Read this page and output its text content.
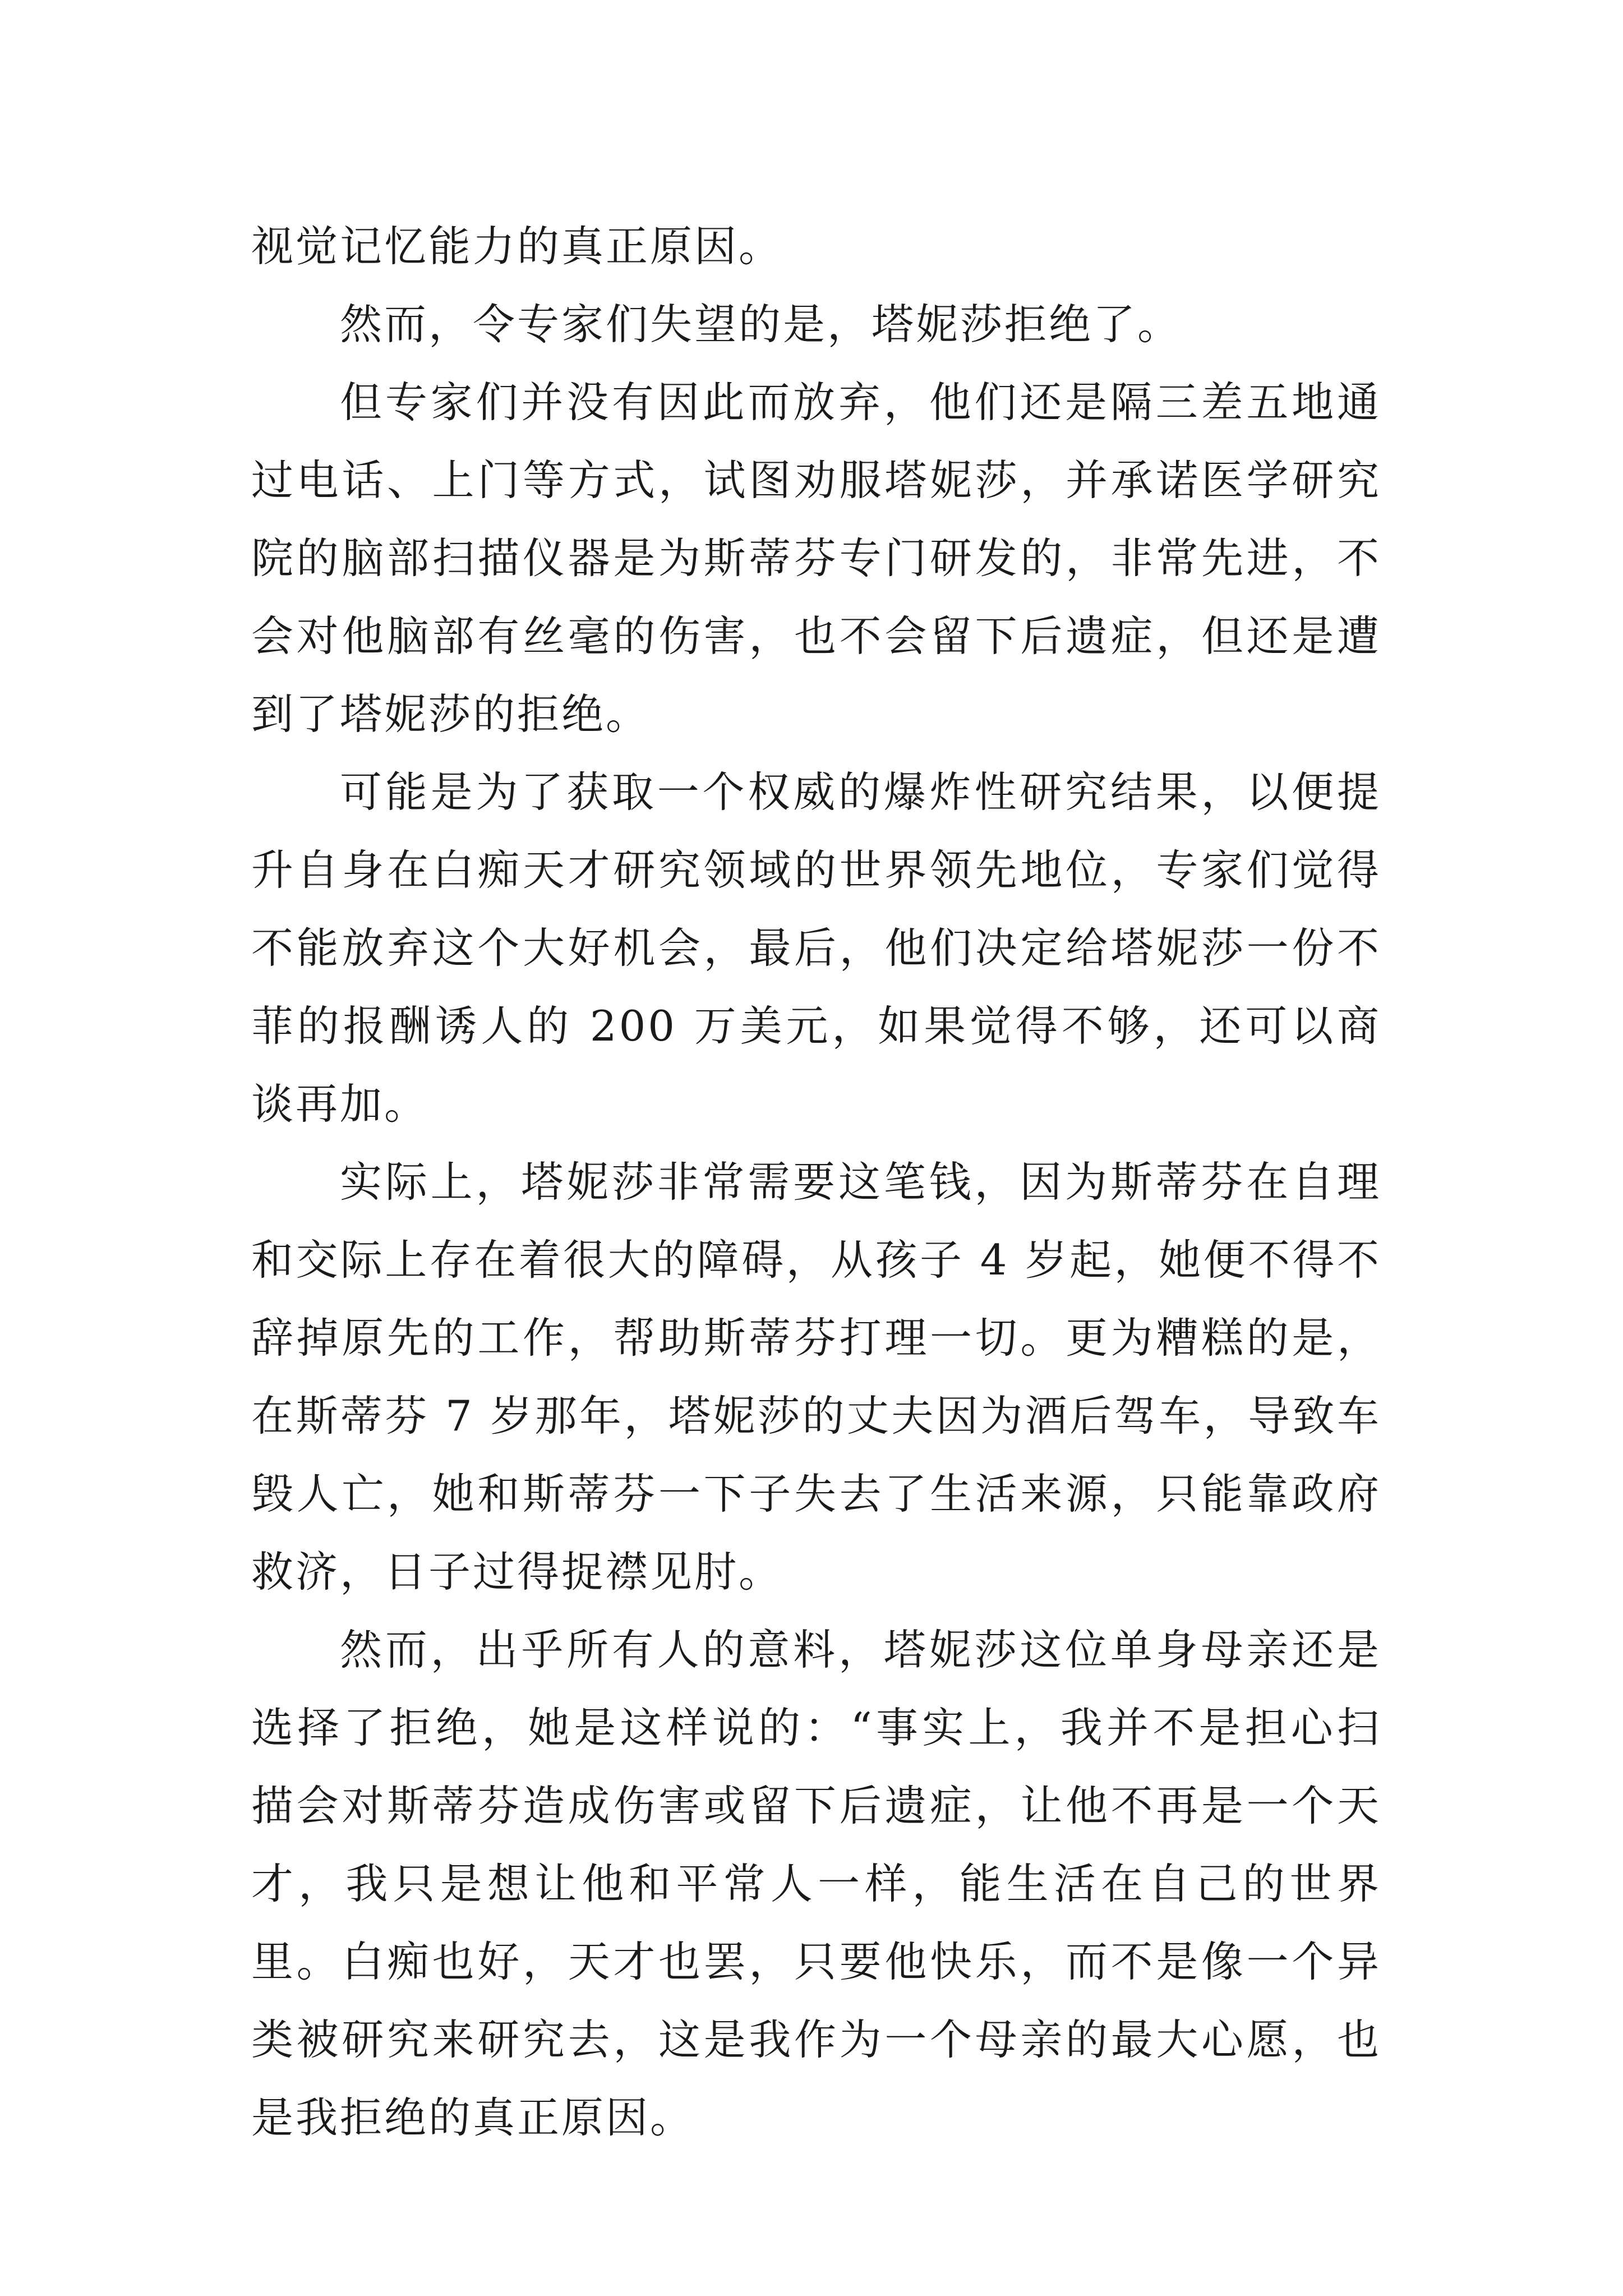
视觉记忆能力的真正原因。

然而，令专家们失望的是，塔妮莎拒绝了。

但专家们并没有因此而放弃，他们还是隔三差五地通过电话、上门等方式，试图劝服塔妮莎，并承诺医学研究院的脑部扫描仪器是为斯蒂芬专门研发的，非常先进，不会对他脑部有丝毫的伤害，也不会留下后遗症，但还是遭到了塔妮莎的拒绝。

可能是为了获取一个权威的爆炸性研究结果，以便提升自身在白痴天才研究领域的世界领先地位，专家们觉得不能放弃这个大好机会，最后，他们决定给塔妮莎一份不菲的报酬诱人的 200 万美元，如果觉得不够，还可以商谈再加。

实际上，塔妮莎非常需要这笔钱，因为斯蒂芬在自理和交际上存在着很大的障碍，从孩子 4 岁起，她便不得不辞掉原先的工作，帮助斯蒂芬打理一切。更为糟糕的是，在斯蒂芬 7 岁那年，塔妮莎的丈夫因为酒后驾车，导致车毁人亡，她和斯蒂芬一下子失去了生活来源，只能靠政府救济，日子过得捉襟见肘。

然而，出乎所有人的意料，塔妮莎这位单身母亲还是选择了拒绝，她是这样说的：“事实上，我并不是担心扫描会对斯蒂芬造成伤害或留下后遗症，让他不再是一个天才，我只是想让他和平常人一样，能生活在自己的世界里。白痴也好，天才也罢，只要他快乐，而不是像一个异类被研究来研究去，这是我作为一个母亲的最大心愿，也是我拒绝的真正原因。
